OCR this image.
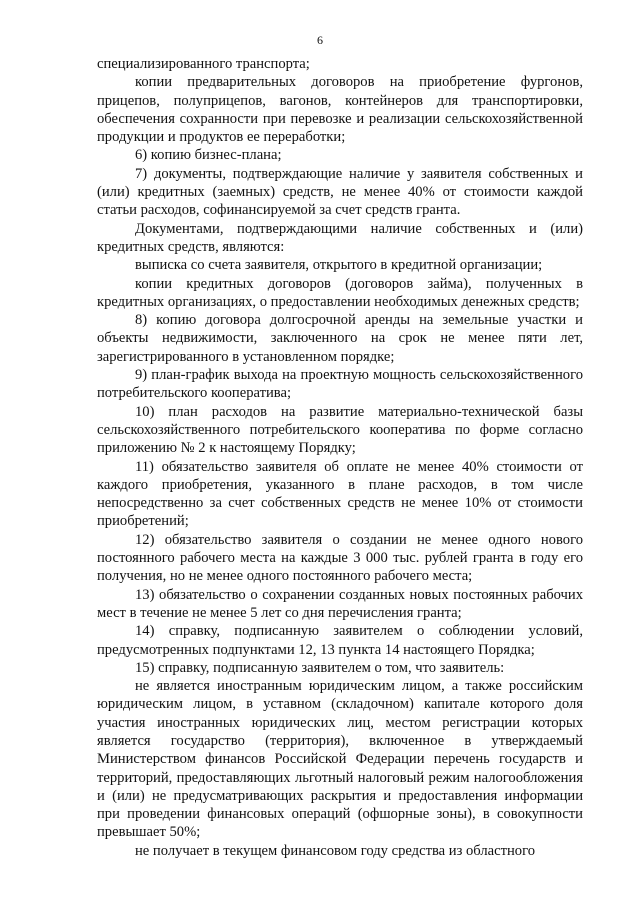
6

специализированного транспорта;

копии предварительных договоров на приобретение фургонов, прицепов, полуприцепов, вагонов, контейнеров для транспортировки, обеспечения сохранности при перевозке и реализации сельскохозяйственной продукции и продуктов ее переработки;

6) копию бизнес-плана;

7) документы, подтверждающие наличие у заявителя собственных и (или) кредитных (заемных) средств, не менее 40% от стоимости каждой статьи расходов, софинансируемой за счет средств гранта.

Документами, подтверждающими наличие собственных и (или) кредитных средств, являются:

выписка со счета заявителя, открытого в кредитной организации;

копии кредитных договоров (договоров займа), полученных в кредитных организациях, о предоставлении необходимых денежных средств;

8) копию договора долгосрочной аренды на земельные участки и объекты недвижимости, заключенного на срок не менее пяти лет, зарегистрированного в установленном порядке;

9) план-график выхода на проектную мощность сельскохозяйственного потребительского кооператива;

10) план расходов на развитие материально-технической базы сельскохозяйственного потребительского кооператива по форме согласно приложению № 2 к настоящему Порядку;

11) обязательство заявителя об оплате не менее 40% стоимости от каждого приобретения, указанного в плане расходов, в том числе непосредственно за счет собственных средств не менее 10% от стоимости приобретений;

12) обязательство заявителя о создании не менее одного нового постоянного рабочего места на каждые 3 000 тыс. рублей гранта в году его получения, но не менее одного постоянного рабочего места;

13) обязательство о сохранении созданных новых постоянных рабочих мест в течение не менее 5 лет со дня перечисления гранта;

14) справку, подписанную заявителем о соблюдении условий, предусмотренных подпунктами 12, 13 пункта 14 настоящего Порядка;

15) справку, подписанную заявителем о том, что заявитель:

не является иностранным юридическим лицом, а также российским юридическим лицом, в уставном (складочном) капитале которого доля участия иностранных юридических лиц, местом регистрации которых является государство (территория), включенное в утверждаемый Министерством финансов Российской Федерации перечень государств и территорий, предоставляющих льготный налоговый режим налогообложения и (или) не предусматривающих раскрытия и предоставления информации при проведении финансовых операций (офшорные зоны), в совокупности превышает 50%;

не получает в текущем финансовом году средства из областного
